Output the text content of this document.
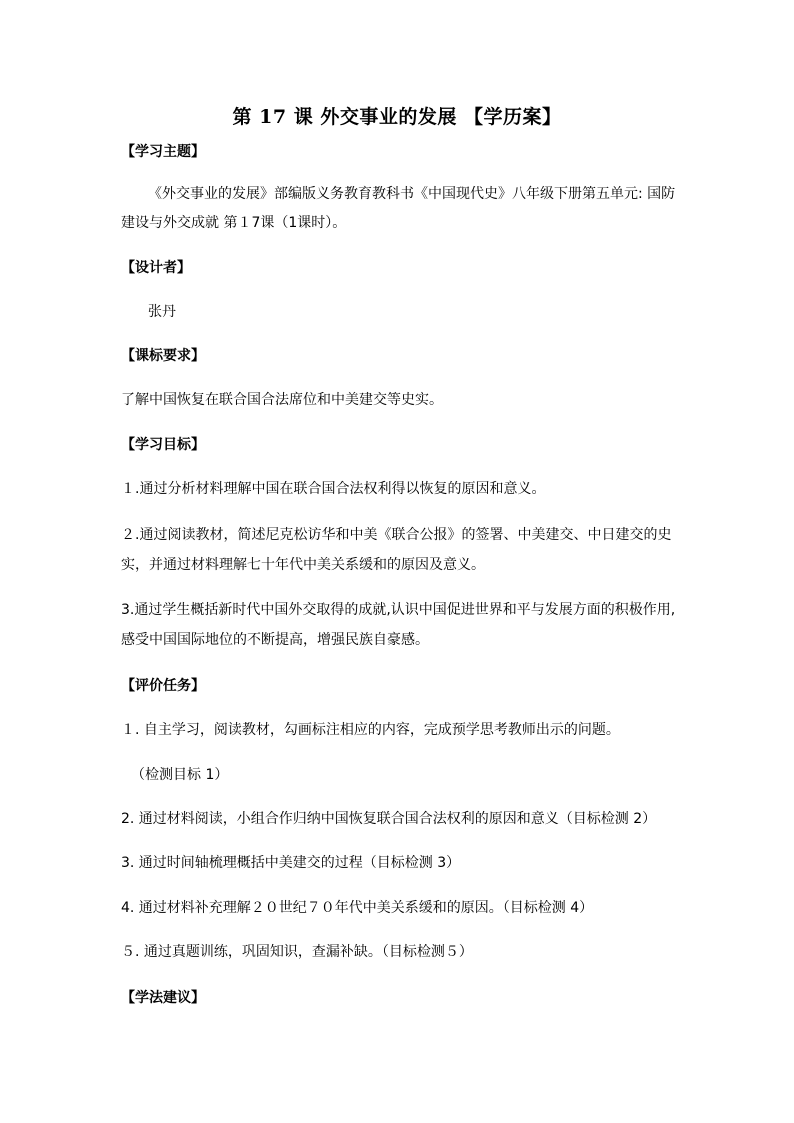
第 17 课 外交事业的发展 【学历案】
【学习主题】
《外交事业的发展》部编版义务教育教科书《中国现代史》八年级下册第五单元: 国防
建设与外交成就 第１7课（1课时）。
【设计者】
张丹
【课标要求】
了解中国恢复在联合国合法席位和中美建交等史实。
【学习目标】
１.通过分析材料理解中国在联合国合法权利得以恢复的原因和意义。
２.通过阅读教材，简述尼克松访华和中美《联合公报》的签署、中美建交、中日建交的史
实，并通过材料理解七十年代中美关系缓和的原因及意义。
3.通过学生概括新时代中国外交取得的成就,认识中国促进世界和平与发展方面的积极作用,
感受中国国际地位的不断提高，增强民族自豪感。
【评价任务】
１. 自主学习，阅读教材，勾画标注相应的内容，完成预学思考教师出示的问题。
（检测目标 1）
2. 通过材料阅读，小组合作归纳中国恢复联合国合法权利的原因和意义（目标检测 2）
3. 通过时间轴梳理概括中美建交的过程（目标检测 3）
4. 通过材料补充理解２０世纪７０年代中美关系缓和的原因。（目标检测 4）
５. 通过真题训练，巩固知识，查漏补缺。（目标检测５）
【学法建议】
